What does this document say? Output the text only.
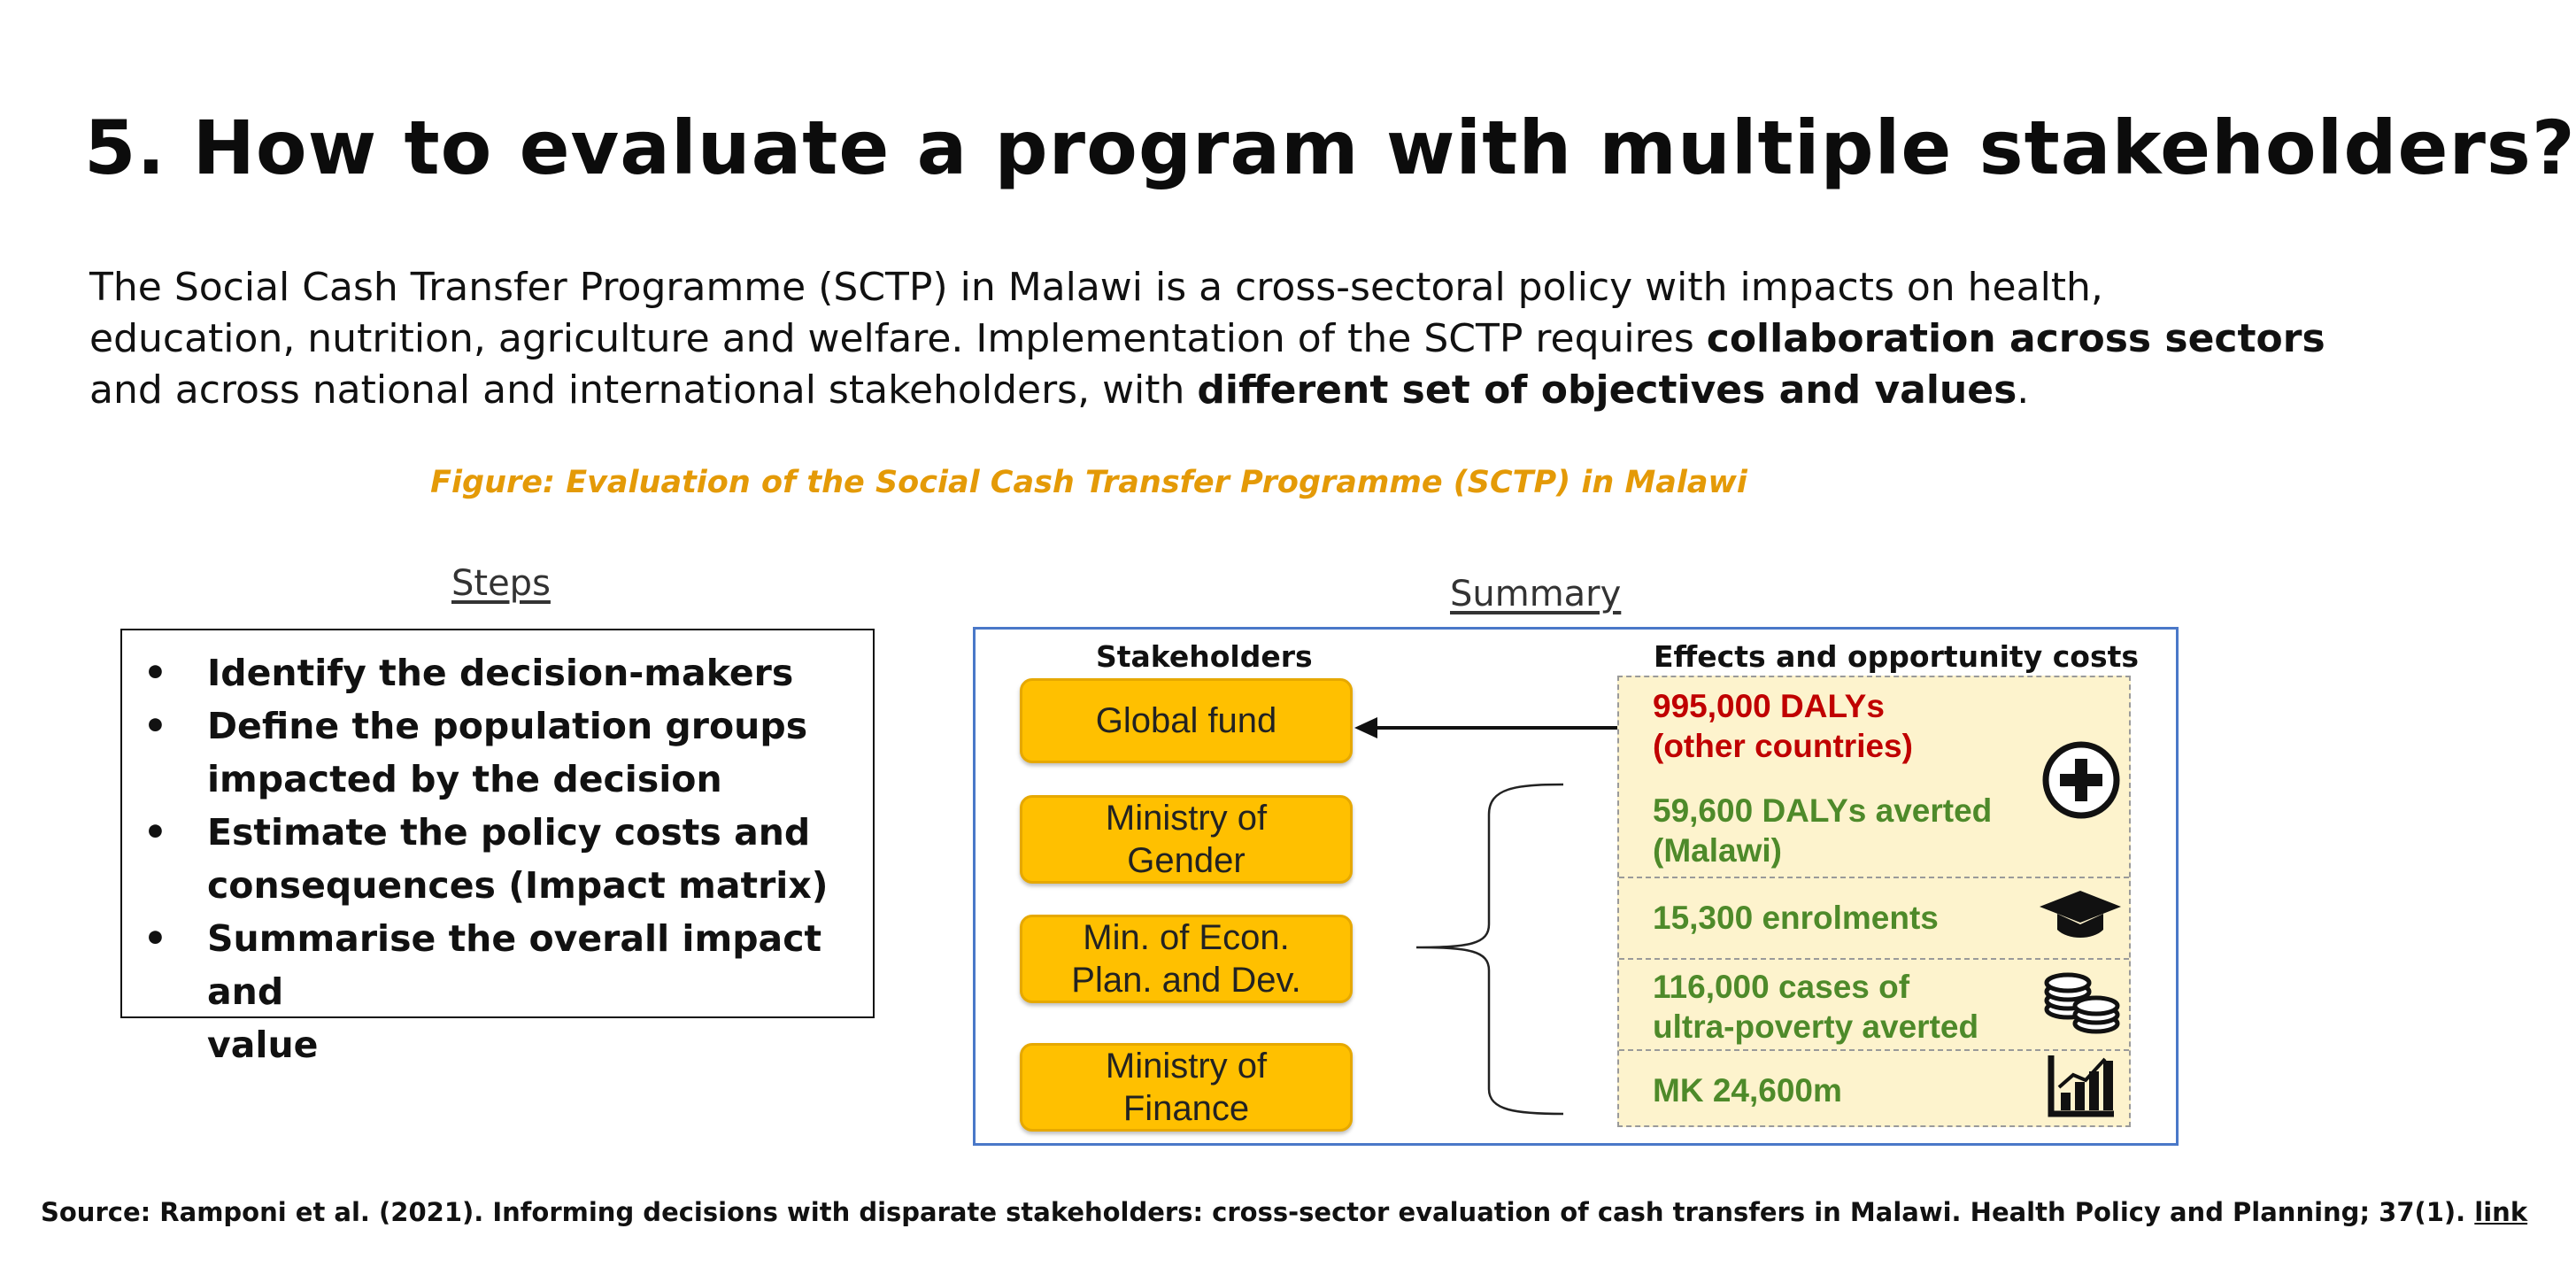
5. How to evaluate a program with multiple stakeholders?

The Social Cash Transfer Programme (SCTP) in Malawi is a cross-sectoral policy with impacts on health,

education, nutrition, agriculture and welfare. Implementation of the SCTP requires collaboration across sectors

and across national and international stakeholders, with different set of objectives and values.

Figure: Evaluation of the Social Cash Transfer Programme (SCTP) in Malawi
Steps	Summary
• Identify the decision-makers
• Define the population groups
impacted by the decision
• Estimate the policy costs and
consequences (Impact matrix)
• Summarise the overall impact and
value
Stakeholders	Effects and opportunity costs
Global fund
Ministry of
Gender
Min. of Econ.
Plan. and Dev.
Ministry of
Finance
995,000 DALYs
(other countries)
59,600 DALYs averted
(Malawi)
15,300 enrolments
116,000 cases of
ultra-poverty averted
MK 24,600m
Source: Ramponi et al. (2021). Informing decisions with disparate stakeholders: cross-sector evaluation of cash transfers in Malawi. Health Policy and Planning; 37(1). link
